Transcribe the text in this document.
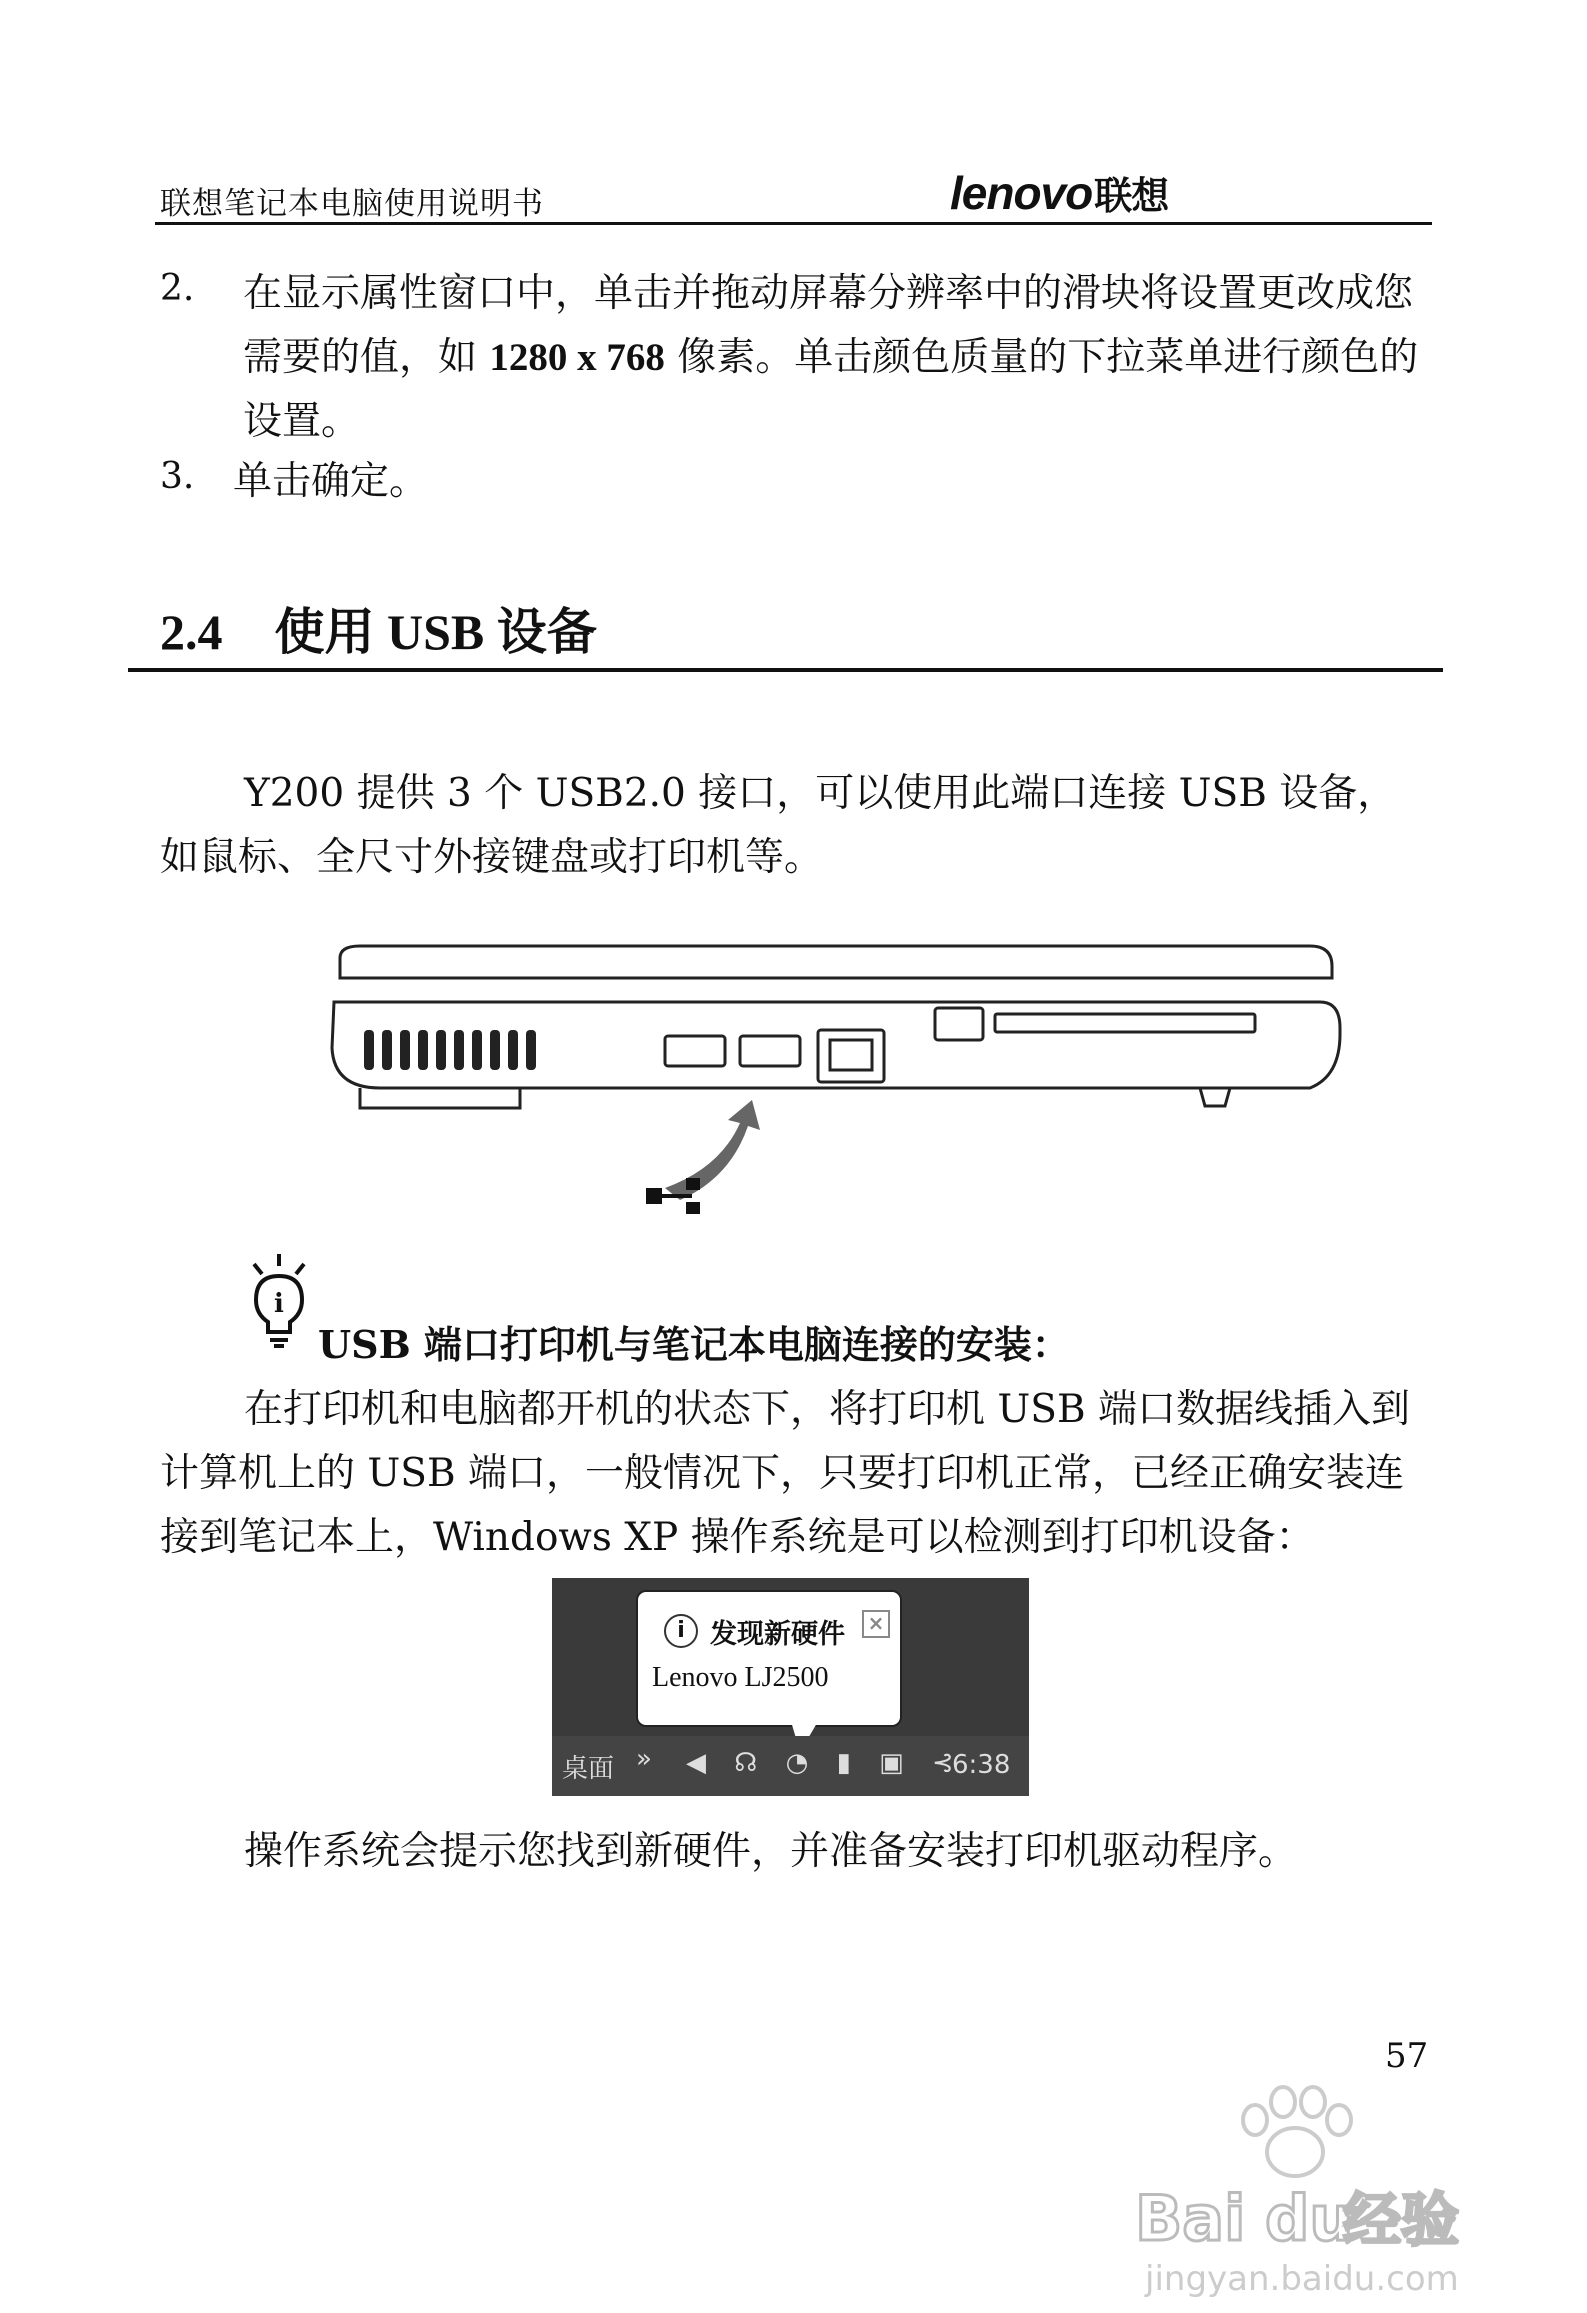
联想笔记本电脑使用说明书	lenovo联想
2. 在显示属性窗口中，单击并拖动屏幕分辨率中的滑块将设置更改成您需要的值，如 1280 x 768 像素。单击颜色质量的下拉菜单进行颜色的设置。
3. 单击确定。
2.4 使用 USB 设备
Y200 提供 3 个 USB2.0 接口，可以使用此端口连接 USB 设备，如鼠标、全尺寸外接键盘或打印机等。
i
USB 端口打印机与笔记本电脑连接的安装：
在打印机和电脑都开机的状态下，将打印机 USB 端口数据线插入到计算机上的 USB 端口，一般情况下，只要打印机正常，已经正确安装连接到笔记本上，Windows XP 操作系统是可以检测到打印机设备：
i 发现新硬件 ×
Lenovo LJ2500
桌面 » ◀ ☊ ◔ ▮ ▣ ⊰
6:38
操作系统会提示您找到新硬件，并准备安装打印机驱动程序。
57
Bai du
经验
jingyan.baidu.com
